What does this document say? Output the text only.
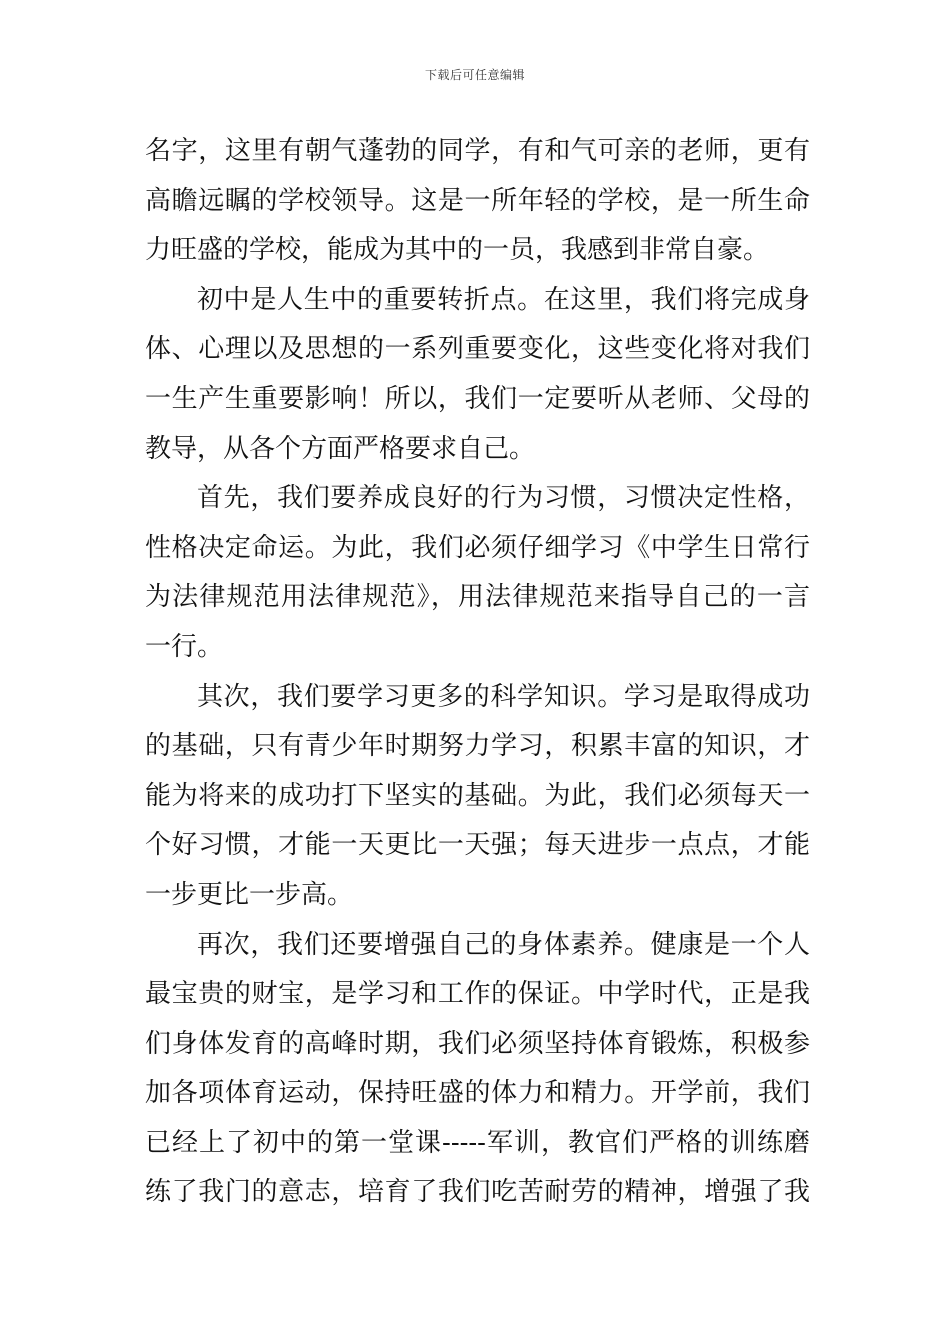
下载后可任意编辑
名字，这里有朝气蓬勃的同学，有和气可亲的老师，更有
高瞻远瞩的学校领导。这是一所年轻的学校，是一所生命
力旺盛的学校，能成为其中的一员，我感到非常自豪。
初中是人生中的重要转折点。在这里，我们将完成身
体、心理以及思想的一系列重要变化，这些变化将对我们
一生产生重要影响！所以，我们一定要听从老师、父母的
教导，从各个方面严格要求自己。
首先，我们要养成良好的行为习惯，习惯决定性格，
性格决定命运。为此，我们必须仔细学习《中学生日常行
为法律规范用法律规范》，用法律规范来指导自己的一言
一行。
其次，我们要学习更多的科学知识。学习是取得成功
的基础，只有青少年时期努力学习，积累丰富的知识，才
能为将来的成功打下坚实的基础。为此，我们必须每天一
个好习惯，才能一天更比一天强；每天进步一点点，才能
一步更比一步高。
再次，我们还要增强自己的身体素养。健康是一个人
最宝贵的财宝，是学习和工作的保证。中学时代，正是我
们身体发育的高峰时期，我们必须坚持体育锻炼，积极参
加各项体育运动，保持旺盛的体力和精力。开学前，我们
已经上了初中的第一堂课-----军训，教官们严格的训练磨
练了我门的意志，培育了我们吃苦耐劳的精神，增强了我
